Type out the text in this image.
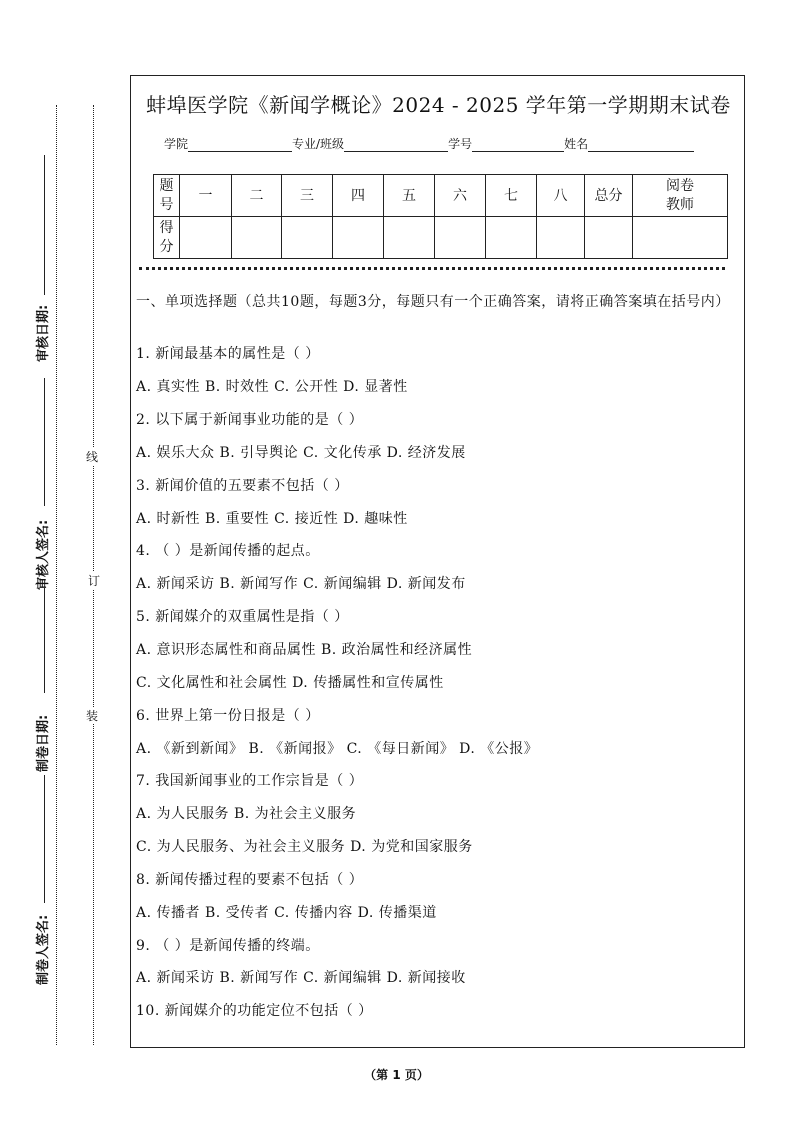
审核日期:
审核人签名:
制卷日期:
制卷人签名:
线
订
装
蚌埠医学院《新闻学概论》2024 - 2025 学年第一学期期末试卷
学院	专业/班级	学号	姓名
题号	一	二	三	四	五	六	七	八	总分	阅卷教师
得分										
一、单项选择题（总共10题，每题3分，每题只有一个正确答案，请将正确答案填在括号内）
1. 新闻最基本的属性是（ ）
A. 真实性 B. 时效性 C. 公开性 D. 显著性
2. 以下属于新闻事业功能的是（ ）
A. 娱乐大众 B. 引导舆论 C. 文化传承 D. 经济发展
3. 新闻价值的五要素不包括（ ）
A. 时新性 B. 重要性 C. 接近性 D. 趣味性
4. （ ）是新闻传播的起点。
A. 新闻采访 B. 新闻写作 C. 新闻编辑 D. 新闻发布
5. 新闻媒介的双重属性是指（ ）
A. 意识形态属性和商品属性 B. 政治属性和经济属性
C. 文化属性和社会属性 D. 传播属性和宣传属性
6. 世界上第一份日报是（ ）
A. 《新到新闻》 B. 《新闻报》 C. 《每日新闻》 D. 《公报》
7. 我国新闻事业的工作宗旨是（ ）
A. 为人民服务 B. 为社会主义服务
C. 为人民服务、为社会主义服务 D. 为党和国家服务
8. 新闻传播过程的要素不包括（ ）
A. 传播者 B. 受传者 C. 传播内容 D. 传播渠道
9. （ ）是新闻传播的终端。
A. 新闻采访 B. 新闻写作 C. 新闻编辑 D. 新闻接收
10. 新闻媒介的功能定位不包括（ ）
（第 1 页）
